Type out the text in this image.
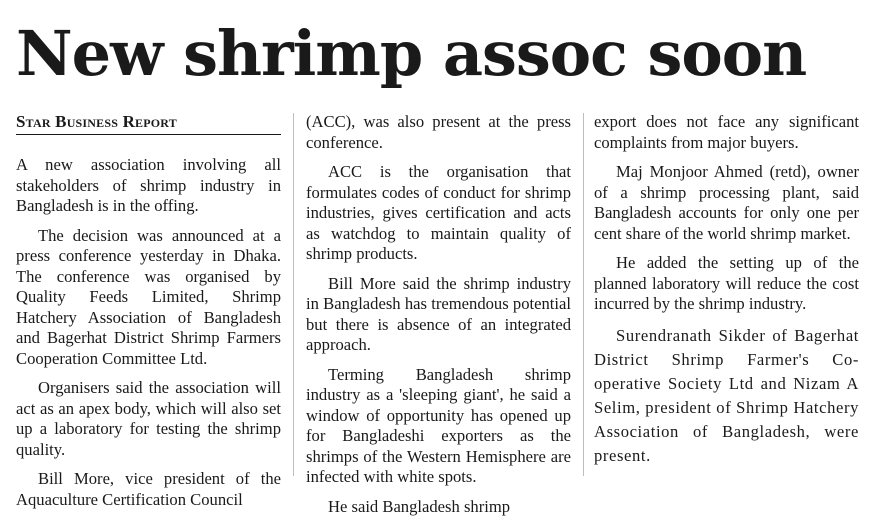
New shrimp assoc soon
Star Business Report

A new association involving all stakeholders of shrimp industry in Bangladesh is in the offing.

The decision was announced at a press conference yesterday in Dhaka. The conference was organised by Quality Feeds Limited, Shrimp Hatchery Association of Bangladesh and Bagerhat District Shrimp Farmers Cooperation Committee Ltd.

Organisers said the association will act as an apex body, which will also set up a laboratory for testing the shrimp quality.

Bill More, vice president of the Aquaculture Certification Council

(ACC), was also present at the press conference.

ACC is the organisation that formulates codes of conduct for shrimp industries, gives certification and acts as watchdog to maintain quality of shrimp products.

Bill More said the shrimp industry in Bangladesh has tremendous potential but there is absence of an integrated approach.

Terming Bangladesh shrimp industry as a 'sleeping giant', he said a window of opportunity has opened up for Bangladeshi exporters as the shrimps of the Western Hemisphere are infected with white spots.

He said Bangladesh shrimp

export does not face any significant complaints from major buyers.

Maj Monjoor Ahmed (retd), owner of a shrimp processing plant, said Bangladesh accounts for only one per cent share of the world shrimp market.

He added the setting up of the planned laboratory will reduce the cost incurred by the shrimp industry.

Surendranath Sikder of Bagerhat District Shrimp Farmer's Co-operative Society Ltd and Nizam A Selim, president of Shrimp Hatchery Association of Bangladesh, were present.
